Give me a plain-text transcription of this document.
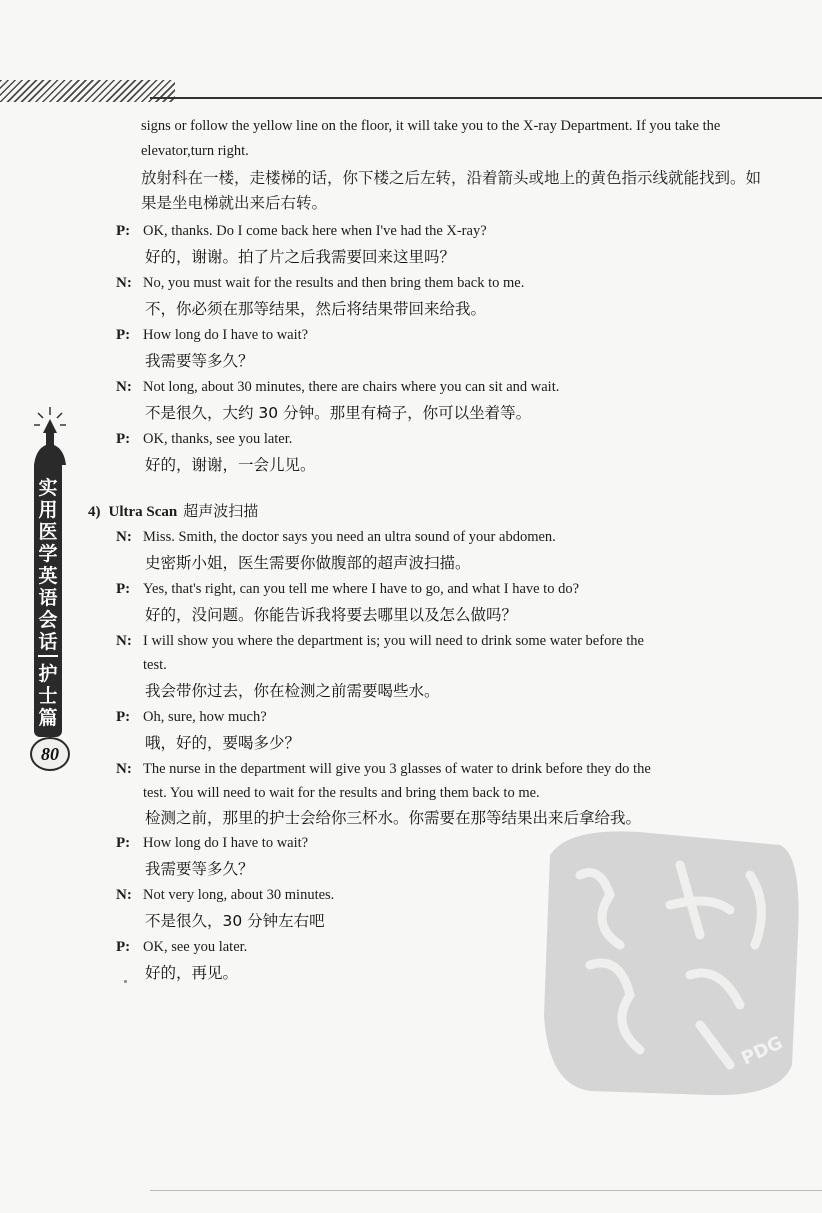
signs or follow the yellow line on the floor, it will take you to the X-ray Department. If you take the elevator,turn right.
放射科在一楼，走楼梯的话，你下楼之后左转，沿着箭头或地上的黄色指示线就能找到。如果是坐电梯就出来后右转。
P: OK, thanks. Do I come back here when I've had the X-ray?
好的，谢谢。拍了片之后我需要回来这里吗？
N: No, you must wait for the results and then bring them back to me.
不，你必须在那等结果，然后将结果带回来给我。
P: How long do I have to wait?
我需要等多久？
N: Not long, about 30 minutes, there are chairs where you can sit and wait.
不是很久，大约 30 分钟。那里有椅子，你可以坐着等。
P: OK, thanks, see you later.
好的，谢谢，一会儿见。
4) Ultra Scan 超声波扫描
N: Miss. Smith, the doctor says you need an ultra sound of your abdomen.
史密斯小姐，医生需要你做腹部的超声波扫描。
P: Yes, that's right, can you tell me where I have to go, and what I have to do?
好的，没问题。你能告诉我将要去哪里以及怎么做吗？
N: I will show you where the department is; you will need to drink some water before the
test.
我会带你过去，你在检测之前需要喝些水。
P: Oh, sure, how much?
哦，好的，要喝多少？
N: The nurse in the department will give you 3 glasses of water to drink before they do the
test. You will need to wait for the results and bring them back to me.
检测之前，那里的护士会给你三杯水。你需要在那等结果出来后拿给我。
P: How long do I have to wait?
我需要等多久？
N: Not very long, about 30 minutes.
不是很久，30 分钟左右吧
P: OK, see you later.
好的，再见。
实用医学英语会话
护士篇
80
PDG
